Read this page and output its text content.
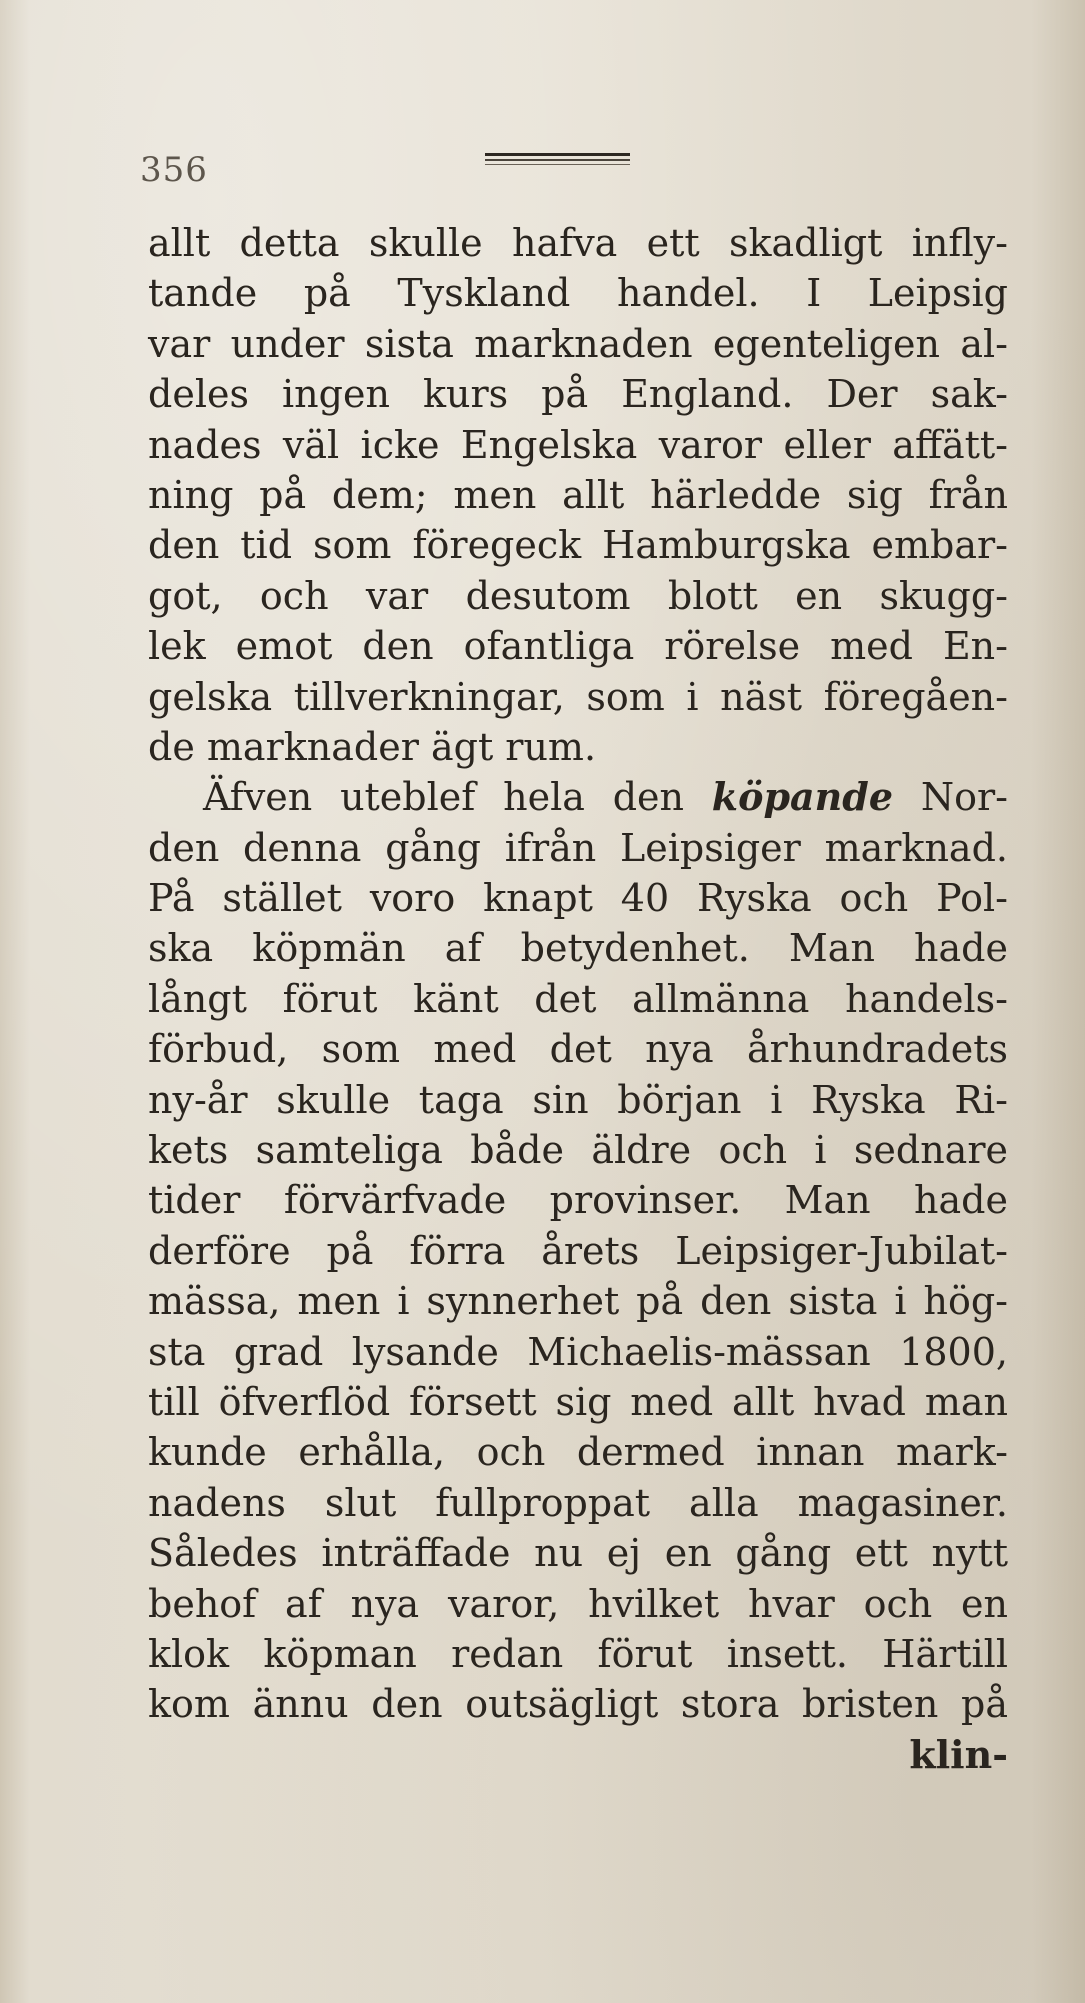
356
allt detta skulle hafva ett skadligt infly-
tande på Tyskland handel. I Leipsig
var under sista marknaden egenteligen al-
deles ingen kurs på England. Der sak-
nades väl icke Engelska varor eller affätt-
ning på dem; men allt härledde sig från
den tid som föregeck Hamburgska embar-
got, och var desutom blott en skugg-
lek emot den ofantliga rörelse med En-
gelska tillverkningar, som i näst föregåen-
de marknader ägt rum.
Äfven uteblef hela den köpande Nor-
den denna gång ifrån Leipsiger marknad.
På stället voro knapt 40 Ryska och Pol-
ska köpmän af betydenhet. Man hade
långt förut känt det allmänna handels-
förbud, som med det nya århundradets
ny-år skulle taga sin början i Ryska Ri-
kets samteliga både äldre och i sednare
tider förvärfvade provinser. Man hade
derföre på förra årets Leipsiger-Jubilat-
mässa, men i synnerhet på den sista i hög-
sta grad lysande Michaelis-mässan 1800,
till öfverflöd försett sig med allt hvad man
kunde erhålla, och dermed innan mark-
nadens slut fullproppat alla magasiner.
Således inträffade nu ej en gång ett nytt
behof af nya varor, hvilket hvar och en
klok köpman redan förut insett. Härtill
kom ännu den outsägligt stora bristen på
klin-
